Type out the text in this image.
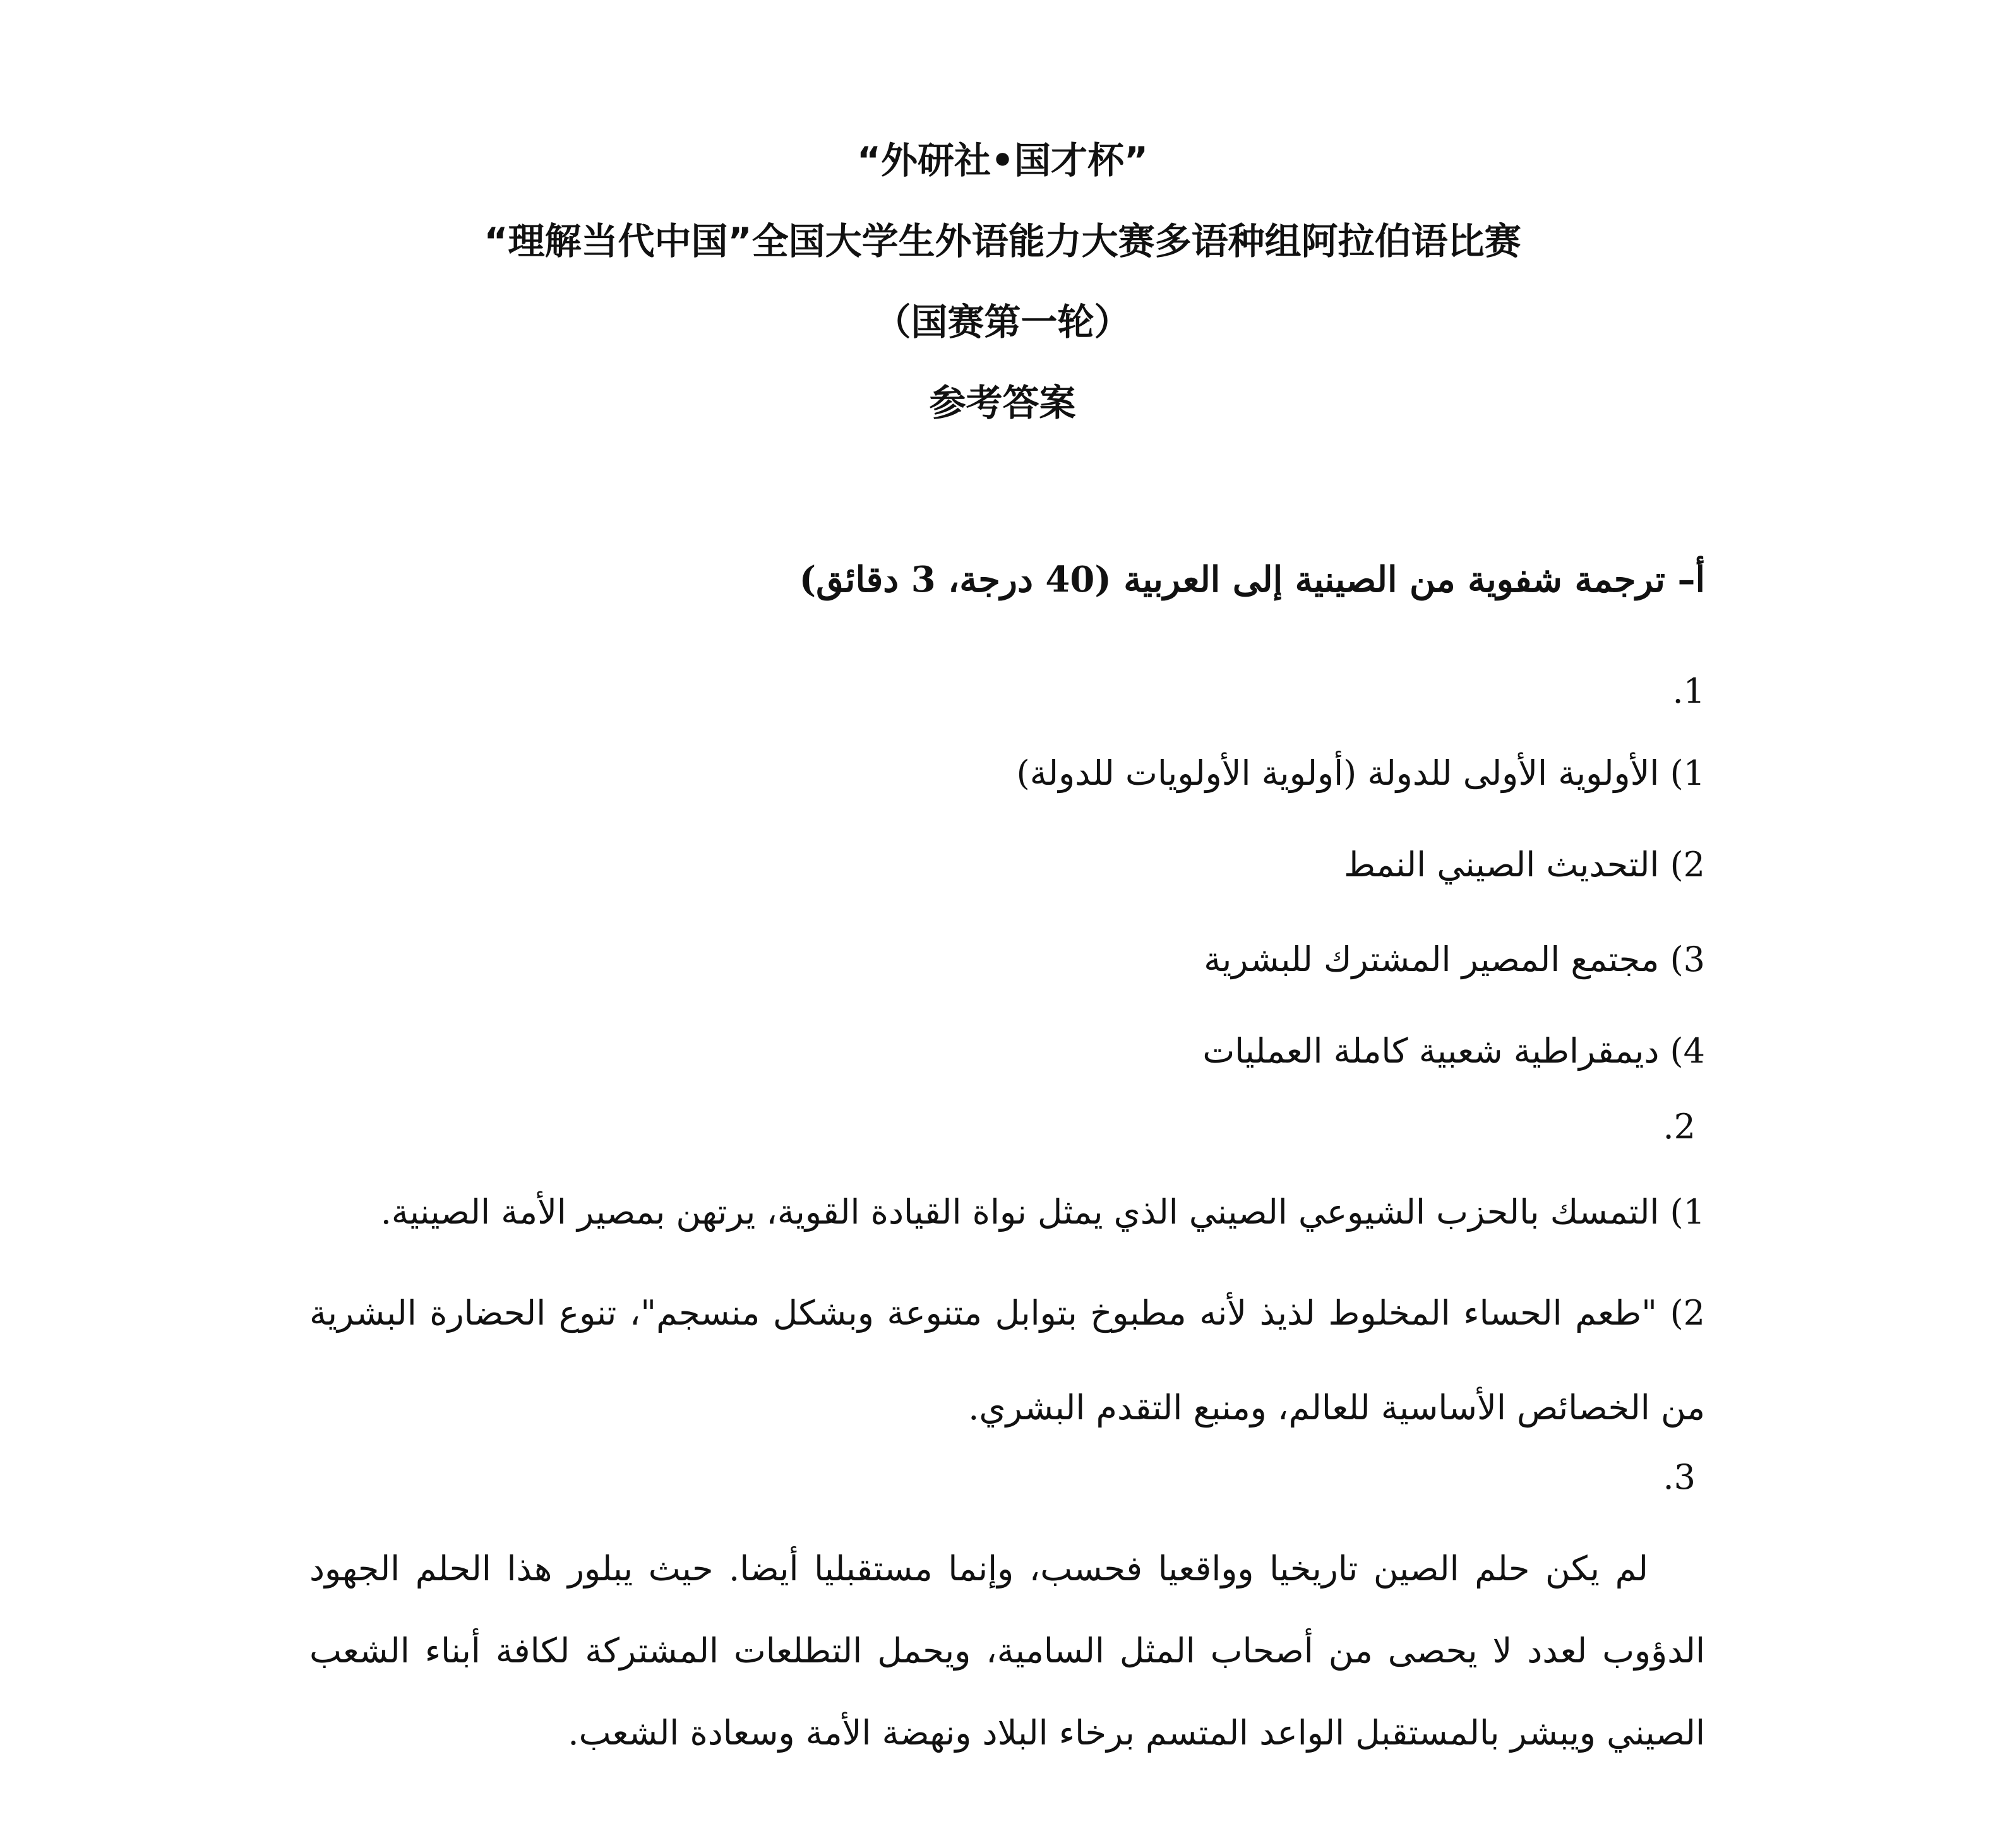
“外研社•国才杯”
“理解当代中国”全国大学生外语能力大赛多语种组阿拉伯语比赛
（国赛第一轮）
参考答案
أ– ترجمة شفوية من الصينية إلى العربية (40 درجة، 3 دقائق)
.1
1) الأولوية الأولى للدولة (أولوية الأولويات للدولة)
2) التحديث الصيني النمط
3) مجتمع المصير المشترك للبشرية
4) ديمقراطية شعبية كاملة العمليات
.2
1) التمسك بالحزب الشيوعي الصيني الذي يمثل نواة القيادة القوية، يرتهن بمصير الأمة الصينية.
2) "طعم الحساء المخلوط لذيذ لأنه مطبوخ بتوابل متنوعة وبشكل منسجم"، تنوع الحضارة البشرية من الخصائص الأساسية للعالم، ومنبع التقدم البشري.
.3
لم يكن حلم الصين تاريخيا وواقعيا فحسب، وإنما مستقبليا أيضا. حيث يبلور هذا الحلم الجهود الدؤوب لعدد لا يحصى من أصحاب المثل السامية، ويحمل التطلعات المشتركة لكافة أبناء الشعب الصيني ويبشر بالمستقبل الواعد المتسم برخاء البلاد ونهضة الأمة وسعادة الشعب.
